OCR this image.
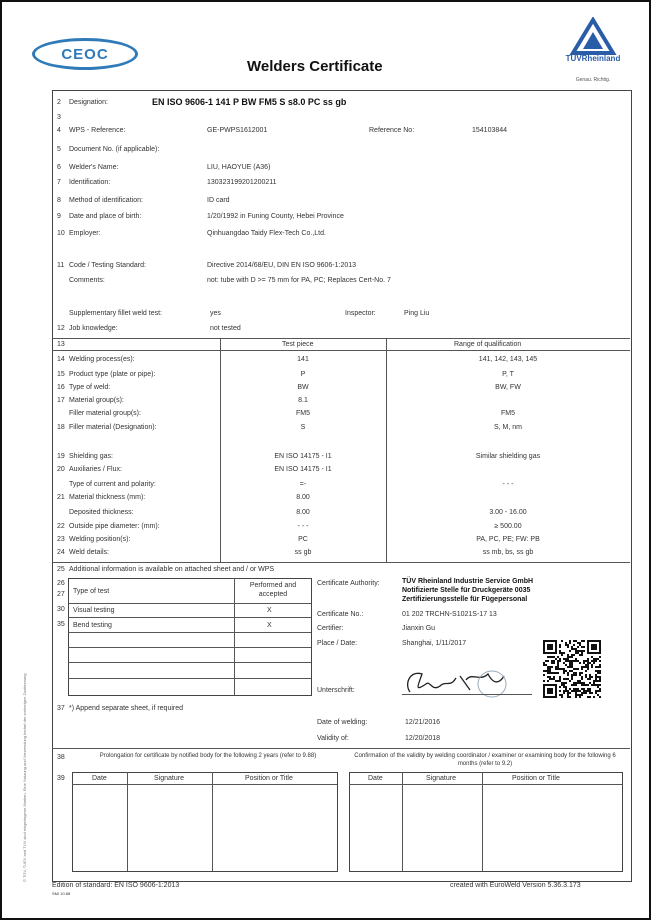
CEOC
Welders Certificate	TÜVRheinland
Genau. Richtig.
2 Designation:	EN ISO 9606-1 141 P BW FM5 S s8.0 PC ss gb
3
4 WPS - Reference:	GE-PWPS1612001	Reference No:	154103844
5 Document No. (if applicable):
6 Welder's Name:	LIU, HAOYUE (A36)
7 Identification:	130323199201200211
8 Method of identification:	ID card
9 Date and place of birth:	1/20/1992 in Funing County, Hebei Province
10 Employer:	Qinhuangdao Taidy Flex-Tech Co.,Ltd.
11 Code / Testing Standard:	Directive 2014/68/EU, DIN EN ISO 9606-1:2013
Comments:	not: tube with D >= 75 mm for PA, PC; Replaces Cert-No. 7
Supplementary fillet weld test:	yes	Inspector:	Ping Liu
12 Job knowledge:	not tested
13	Test piece	Range of qualification
14 Welding process(es):	141	141, 142, 143, 145
15 Product type (plate or pipe):	P	P, T
16 Type of weld:	BW	BW, FW
17 Material group(s):	8.1
Filler material group(s):	FM5	FM5
18 Filler material (Designation):	S	S, M, nm
19 Shielding gas:	EN ISO 14175 - I1	Similar shielding gas
20 Auxiliaries / Flux:	EN ISO 14175 - I1
Type of current and polarity:	=-	- - -
21 Material thickness (mm):	8.00
Deposited thickness:	8.00	3.00 - 16.00
22 Outside pipe diameter: (mm):	- - -	≥ 500.00
23 Welding position(s):	PC	PA, PC, PE; FW: PB
24 Weld details:	ss gb	ss mb, bs, ss gb
25 Additional information is available on attached sheet and / or WPS
26
27
30
35
Type of test
Performed and accepted
Visual testing	X
Bend testing	X
Certificate Authority:	TÜV Rheinland Industrie Service GmbH
Notifizierte Stelle für Druckgeräte 0035
Zertifizierungsstelle für Fügepersonal
Certificate No.:	01 202 TRCHN-S1021S-17 13
Certifier:	Jianxin Gu
Place / Date:	Shanghai, 1/11/2017
Unterschrift:
37 *) Append separate sheet, if required
Date of welding:	12/21/2016
Validity of:	12/20/2018
38	Prolongation for certificate by notified body for the following 2 years (refer to 9.88)	Confirmation of the validity by welding coordinator / examiner or examining body for the following 6 months (refer to 9.2)
39	Date	Signature	Position or Title	Date	Signature	Position or Title
Edition of standard: EN ISO 9606-1:2013
SMI 10.88
created with EuroWeld Version 5.36.3.173
© TÜV, TUEV and TUV sind eingetragene Marken. Eine Nutzung und Verwendung bedarf der vorherigen Zustimmung
